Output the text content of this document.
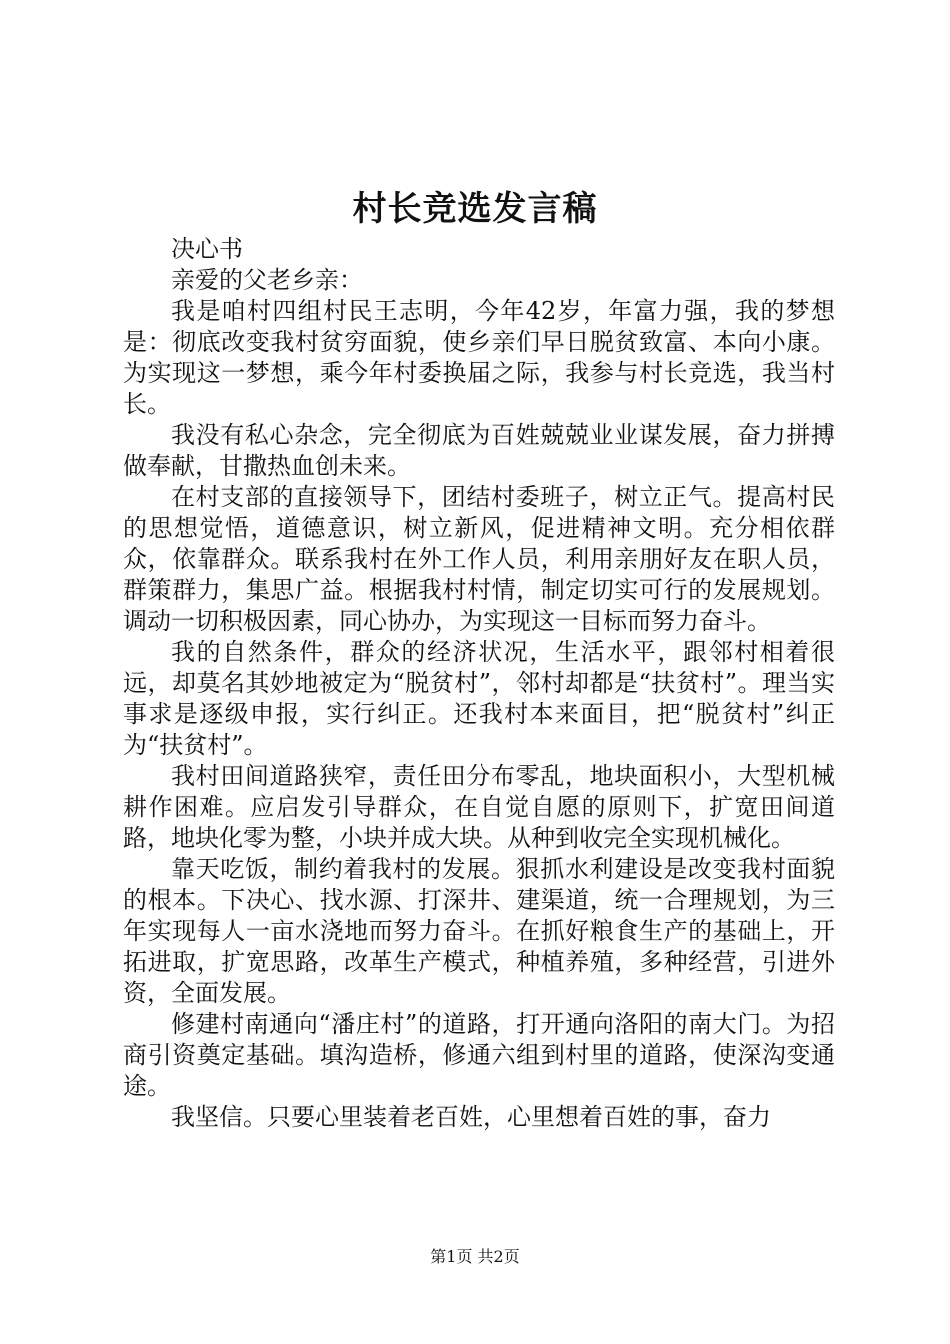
村长竞选发言稿

决心书

亲爱的父老乡亲：

我是咱村四组村民王志明，今年42岁，年富力强，我的梦想是：彻底改变我村贫穷面貌，使乡亲们早日脱贫致富、本向小康。为实现这一梦想，乘今年村委换届之际，我参与村长竞选，我当村长。

我没有私心杂念，完全彻底为百姓兢兢业业谋发展，奋力拼搏做奉献，甘撒热血创未来。

在村支部的直接领导下，团结村委班子，树立正气。提高村民的思想觉悟，道德意识，树立新风，促进精神文明。充分相依群众，依靠群众。联系我村在外工作人员，利用亲朋好友在职人员，群策群力，集思广益。根据我村村情，制定切实可行的发展规划。调动一切积极因素，同心协办，为实现这一目标而努力奋斗。

我的自然条件，群众的经济状况，生活水平，跟邻村相着很远，却莫名其妙地被定为“脱贫村”，邻村却都是“扶贫村”。理当实事求是逐级申报，实行纠正。还我村本来面目，把“脱贫村”纠正为“扶贫村”。

我村田间道路狭窄，责任田分布零乱，地块面积小，大型机械耕作困难。应启发引导群众，在自觉自愿的原则下，扩宽田间道路，地块化零为整，小块并成大块。从种到收完全实现机械化。

靠天吃饭，制约着我村的发展。狠抓水利建设是改变我村面貌的根本。下决心、找水源、打深井、建渠道，统一合理规划，为三年实现每人一亩水浇地而努力奋斗。在抓好粮食生产的基础上，开拓进取，扩宽思路，改革生产模式，种植养殖，多种经营，引进外资，全面发展。

修建村南通向“潘庄村”的道路，打开通向洛阳的南大门。为招商引资奠定基础。填沟造桥，修通六组到村里的道路，使深沟变通途。

我坚信。只要心里装着老百姓，心里想着百姓的事，奋力

第1页 共2页
